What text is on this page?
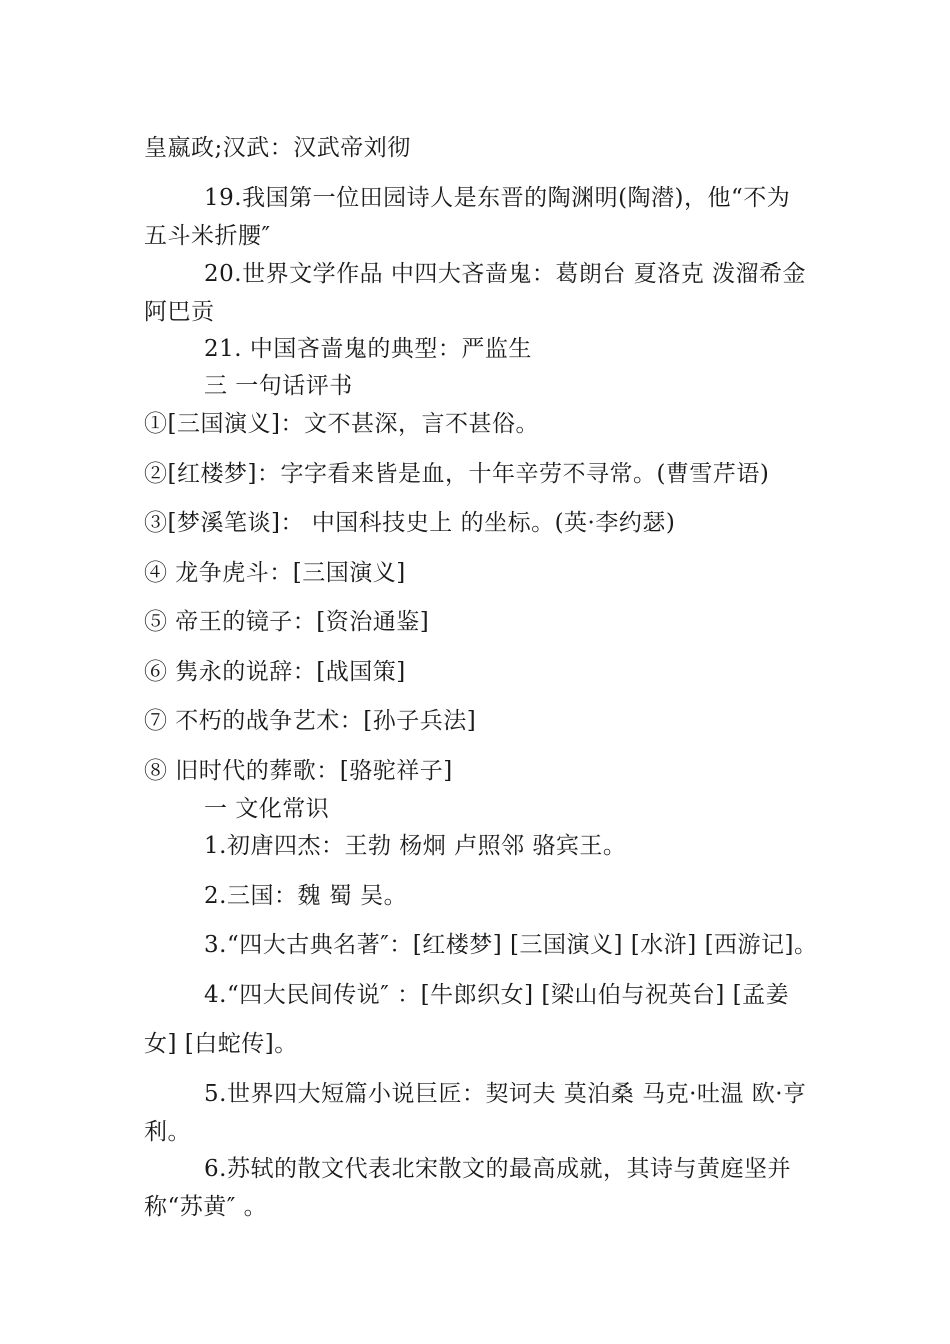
皇嬴政;汉武：汉武帝刘彻
19.我国第一位田园诗人是东晋的陶渊明(陶潜)，他“不为
五斗米折腰″
20.世界文学作品 中四大吝啬鬼：葛朗台 夏洛克 泼溜希金
阿巴贡
21. 中国吝啬鬼的典型：严监生
三 一句话评书
①[三国演义]：文不甚深，言不甚俗。
②[红楼梦]：字字看来皆是血，十年辛劳不寻常。(曹雪芹语)
③[梦溪笔谈]： 中国科技史上 的坐标。(英·李约瑟)
④ 龙争虎斗：[三国演义]
⑤ 帝王的镜子：[资治通鉴]
⑥ 隽永的说辞：[战国策]
⑦ 不朽的战争艺术：[孙子兵法]
⑧ 旧时代的葬歌：[骆驼祥子]
一 文化常识
1.初唐四杰：王勃 杨炯 卢照邻 骆宾王。
2.三国：魏 蜀 吴。
3.“四大古典名著″：[红楼梦] [三国演义] [水浒] [西游记]。
4.“四大民间传说″ ：[牛郎织女] [梁山伯与祝英台] [孟姜
女] [白蛇传]。
5.世界四大短篇小说巨匠：契诃夫 莫泊桑 马克·吐温 欧·亨
利。
6.苏轼的散文代表北宋散文的最高成就，其诗与黄庭坚并
称“苏黄″ 。
